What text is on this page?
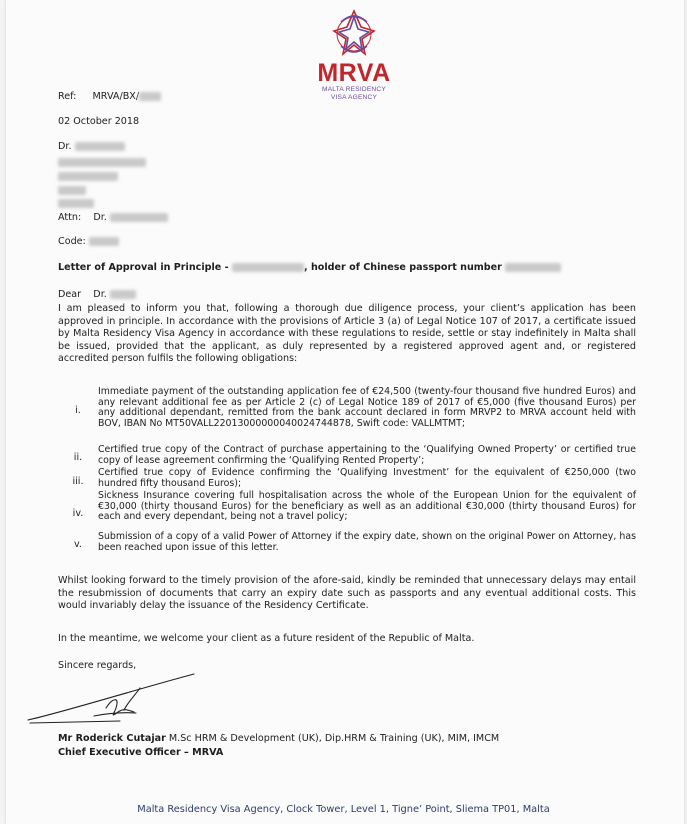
MRVA
MALTA RESIDENCY
VISA AGENCY
Ref: MRVA/BX/
02 October 2018
Dr.
Attn: Dr.
Code:
Letter of Approval in Principle -	, holder of Chinese passport number
Dear    Dr.
I am pleased to inform you that, following a thorough due diligence process, your client’s application has been approved in principle. In accordance with the provisions of Article 3 (a) of Legal Notice 107 of 2017, a certificate issued by Malta Residency Visa Agency in accordance with these regulations to reside, settle or stay indefinitely in Malta shall be issued, provided that the applicant, as duly represented by a registered approved agent and, or registered accredited person fulfils the following obligations:
i.
Immediate payment of the outstanding application fee of €24,500 (twenty-four thousand five hundred Euros) and any relevant additional fee as per Article 2 (c) of Legal Notice 189 of 2017 of €5,000 (five thousand Euros) per any additional dependant, remitted from the bank account declared in form MRVP2 to MRVA account held with BOV, IBAN No MT50VALL22013000000040024744878, Swift code: VALLMTMT;
ii.
Certified true copy of the Contract of purchase appertaining to the ‘Qualifying Owned Property’ or certified true copy of lease agreement confirming the ‘Qualifying Rented Property’;
iii.
Certified true copy of Evidence confirming the ‘Qualifying Investment’ for the equivalent of €250,000 (two hundred fifty thousand Euros);
iv.
Sickness Insurance covering full hospitalisation across the whole of the European Union for the equivalent of €30,000 (thirty thousand Euros) for the beneficiary as well as an additional €30,000 (thirty thousand Euros) for each and every dependant, being not a travel policy;
v.
Submission of a copy of a valid Power of Attorney if the expiry date, shown on the original Power on Attorney, has been reached upon issue of this letter.
Whilst looking forward to the timely provision of the afore-said, kindly be reminded that unnecessary delays may entail the resubmission of documents that carry an expiry date such as passports and any eventual additional costs. This would invariably delay the issuance of the Residency Certificate.
In the meantime, we welcome your client as a future resident of the Republic of Malta.
Sincere regards,
Mr Roderick Cutajar M.Sc HRM & Development (UK), Dip.HRM & Training (UK), MIM, IMCM
Chief Executive Officer – MRVA
Malta Residency Visa Agency, Clock Tower, Level 1, Tigne’ Point, Sliema TP01, Malta
